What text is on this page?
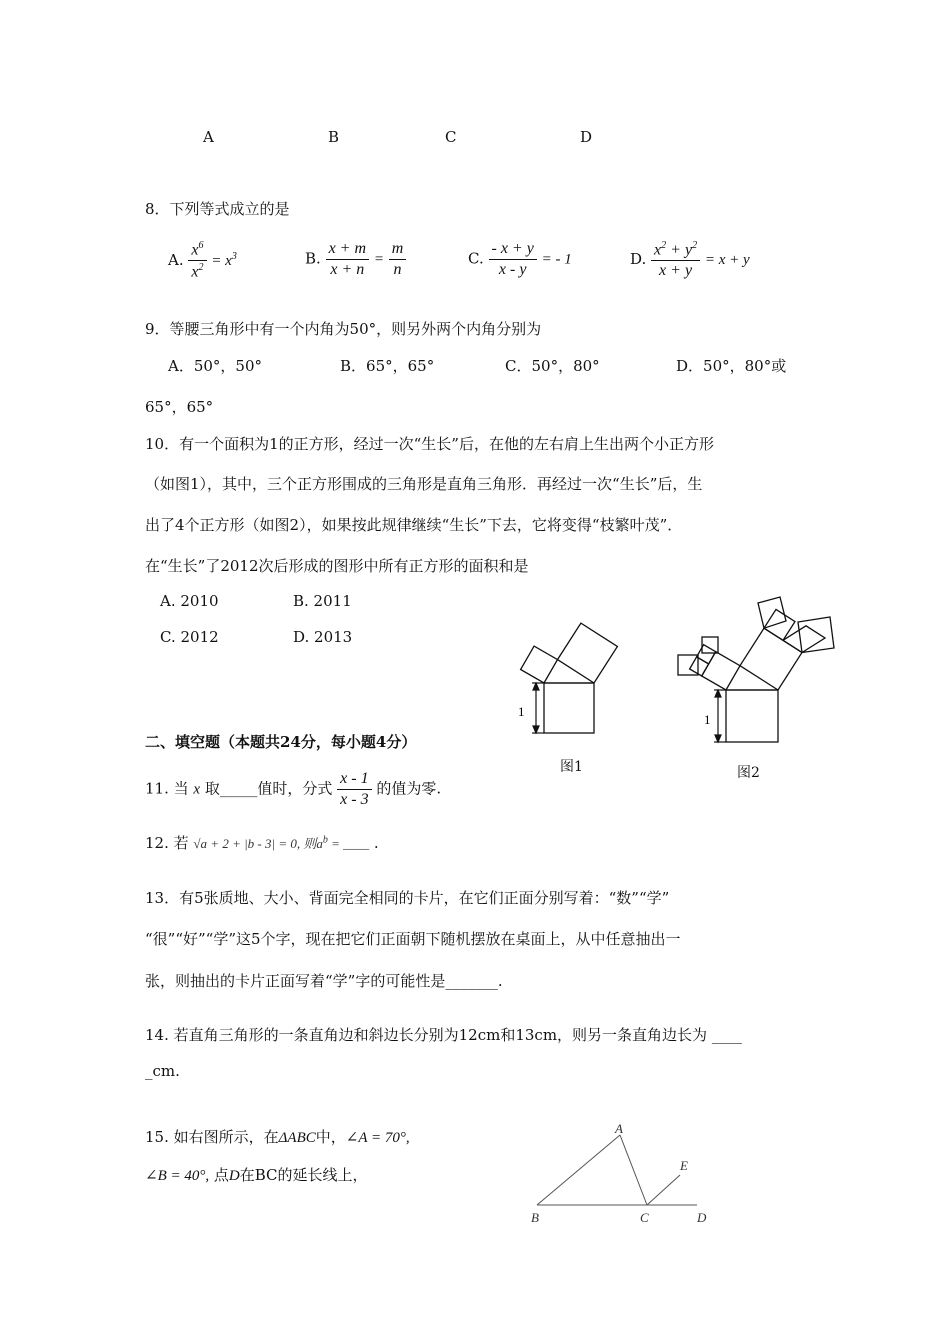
A	B	C	D
8．下列等式成立的是
A. $\frac{x^6}{x^2} = x^3$	B. $\frac{x + m}{x + n} = \frac{m}{n}$	C. $\frac{- x + y}{x - y}$ = - 1	D. $\frac{x^2 + y^2}{x + y} = x + y$
9．等腰三角形中有一个内角为50°，则另外两个内角分别为
A．50°，50°	B．65°，65°	C．50°，80°	D．50°，80°或
65°，65°
10．有一个面积为1的正方形，经过一次“生长”后，在他的左右肩上生出两个小正方形
（如图1），其中，三个正方形围成的三角形是直角三角形．再经过一次“生长”后，生
出了4个正方形（如图2），如果按此规律继续“生长”下去，它将变得“枝繁叶茂”．
在“生长”了2012次后形成的图形中所有正方形的面积和是
A. 2010	B. 2011
C. 2012	D. 2013
1
图1
1
图2
二、填空题（本题共24分，每小题4分）
11. 当 x 取_____值时，分式 $\frac{x - 1}{x - 3}$ 的值为零.
12. 若 √a + 2 + |b - 3| = 0, 则$a^b$ = ____ .
13．有5张质地、大小、背面完全相同的卡片，在它们正面分别写着：“数”“学”
“很”“好”“学”这5个字，现在把它们正面朝下随机摆放在桌面上，从中任意抽出一
张，则抽出的卡片正面写着“学”字的可能性是_______.
14. 若直角三角形的一条直角边和斜边长分别为12cm和13cm，则另一条直角边长为 ____
_cm.
15. 如右图所示，在ΔABC中，∠A = 70°,
∠B = 40°, 点D在BC的延长线上，
A
B	C	D
E
